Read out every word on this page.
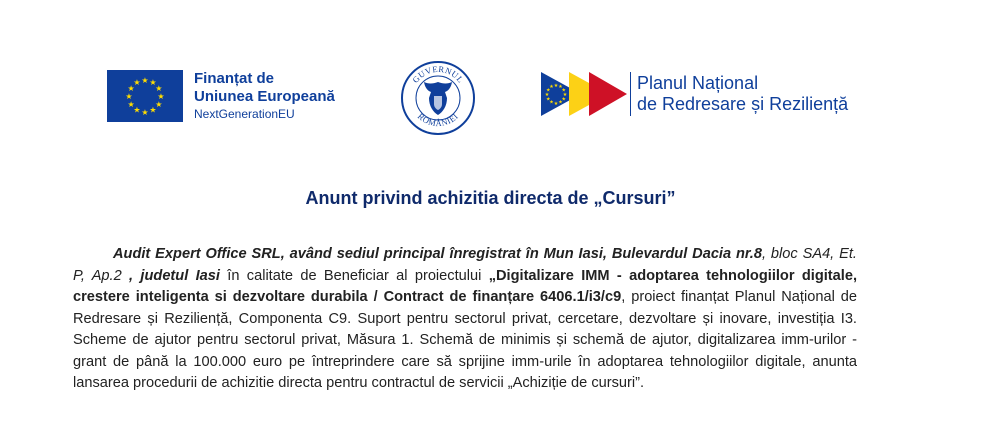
★ ★
★
★
★
★
★
★
★
★
★
★	Finanțat de
Uniunea Europeană
NextGenerationEU
GUVERNUL
ROMÂNIEI
★ ★
★
★
★
★
★
★
★
★
★
★	Planul Național
de Redresare și Reziliență
Anunt privind achizitia directa de „Cursuri”

Audit Expert Office SRL, având sediul principal înregistrat în Mun Iasi, Bulevardul Dacia nr.8, bloc SA4, Et. P, Ap.2 , judetul Iasi în calitate de Beneficiar al proiectului „Digitalizare IMM - adoptarea tehnologiilor digitale, crestere inteligenta si dezvoltare durabila / Contract de finanțare 6406.1/i3/c9, proiect finanțat Planul Național de Redresare și Reziliență, Componenta C9. Suport pentru sectorul privat, cercetare, dezvoltare și inovare, investiția I3. Scheme de ajutor pentru sectorul privat, Măsura 1. Schemă de minimis și schemă de ajutor, digitalizarea imm-urilor - grant de până la 100.000 euro pe întreprindere care să sprijine imm-urile în adoptarea tehnologiilor digitale, anunta lansarea procedurii de achizitie directa pentru contractul de servicii „Achiziție de cursuri”.
